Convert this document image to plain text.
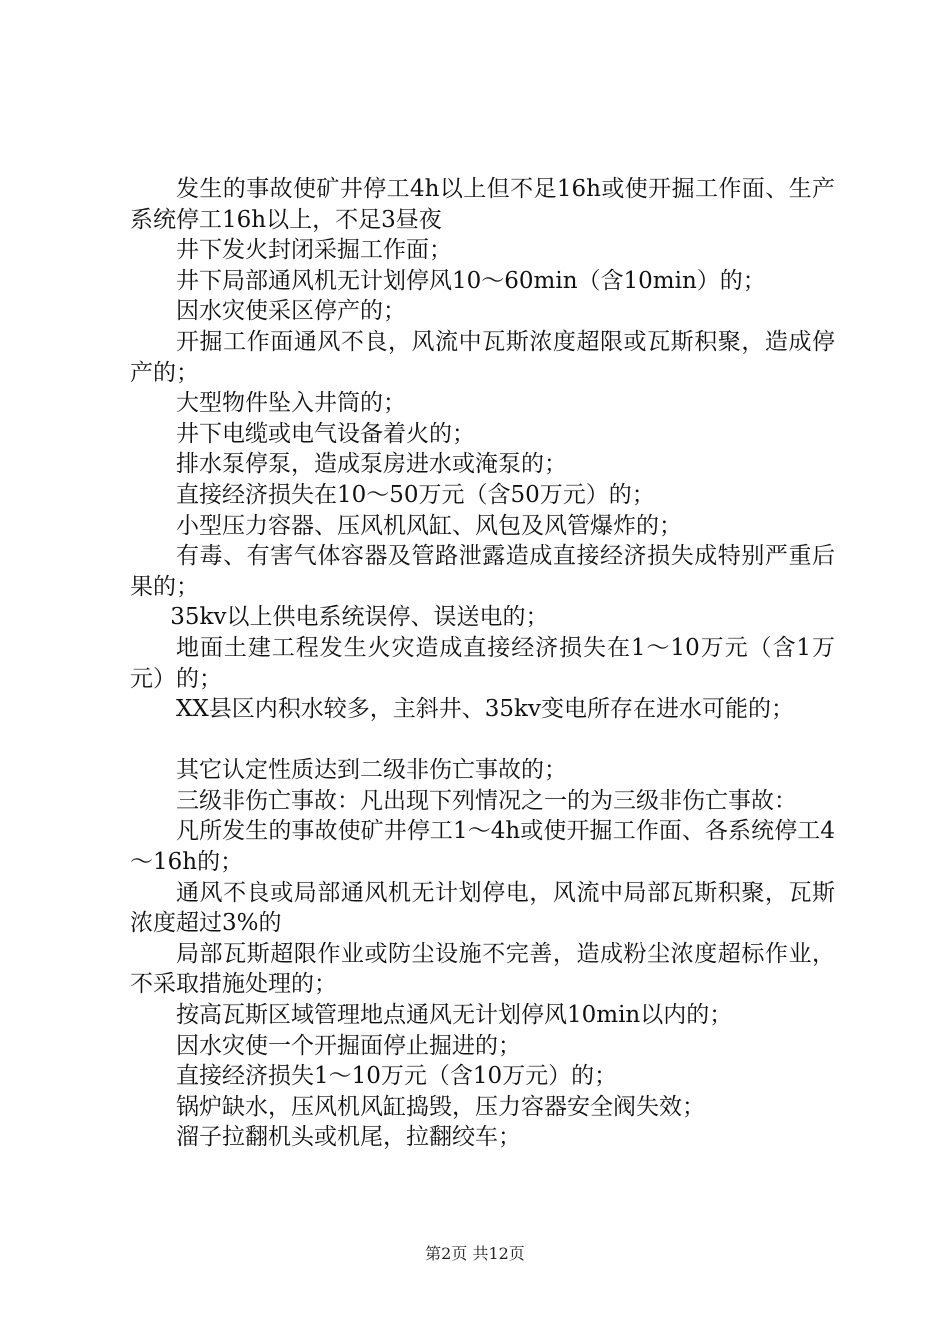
发生的事故使矿井停工4h以上但不足16h或使开掘工作面、生产系统停工16h以上，不足3昼夜

井下发火封闭采掘工作面；

井下局部通风机无计划停风10～60min（含10min）的；

因水灾使采区停产的；

开掘工作面通风不良，风流中瓦斯浓度超限或瓦斯积聚，造成停产的；

大型物件坠入井筒的；

井下电缆或电气设备着火的；

排水泵停泵，造成泵房进水或淹泵的；

直接经济损失在10～50万元（含50万元）的；

小型压力容器、压风机风缸、风包及风管爆炸的；

有毒、有害气体容器及管路泄露造成直接经济损失成特别严重后果的；

35kv以上供电系统误停、误送电的；

地面土建工程发生火灾造成直接经济损失在1～10万元（含1万元）的；

XX县区内积水较多，主斜井、35kv变电所存在进水可能的；

其它认定性质达到二级非伤亡事故的；

三级非伤亡事故：凡出现下列情况之一的为三级非伤亡事故：

凡所发生的事故使矿井停工1～4h或使开掘工作面、各系统停工4～16h的；

通风不良或局部通风机无计划停电，风流中局部瓦斯积聚，瓦斯浓度超过3%的

局部瓦斯超限作业或防尘设施不完善，造成粉尘浓度超标作业，不采取措施处理的；

按高瓦斯区域管理地点通风无计划停风10min以内的；

因水灾使一个开掘面停止掘进的；

直接经济损失1～10万元（含10万元）的；

锅炉缺水，压风机风缸捣毁，压力容器安全阀失效；

溜子拉翻机头或机尾，拉翻绞车；

第2页 共12页
